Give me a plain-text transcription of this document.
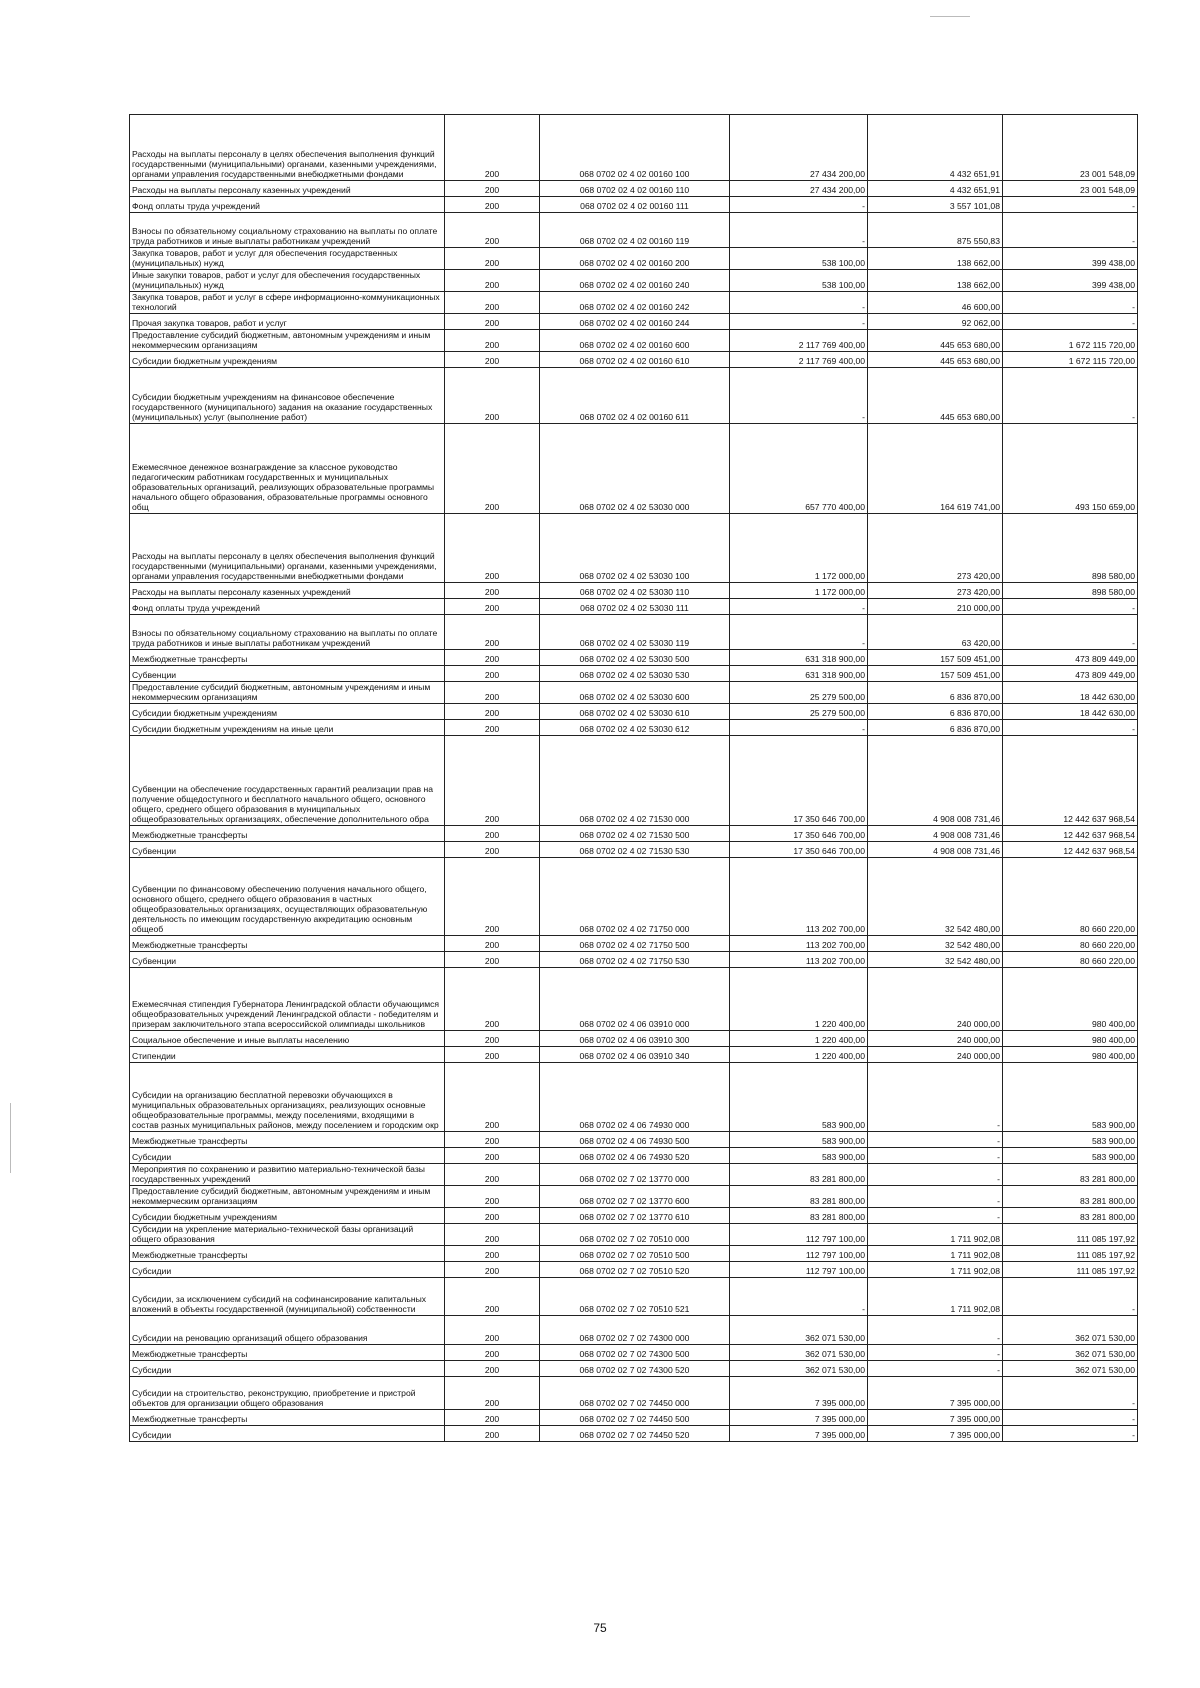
Расходы на выплаты персоналу в целях обеспечения выполнения функций государственными (муниципальными) органами, казенными учреждениями, органами управления государственными внебюджетными фондами	200	068 0702 02 4 02 00160 100	27 434 200,00	4 432 651,91	23 001 548,09
Расходы на выплаты персоналу казенных учреждений	200	068 0702 02 4 02 00160 110	27 434 200,00	4 432 651,91	23 001 548,09
Фонд оплаты труда учреждений	200	068 0702 02 4 02 00160 111	-	3 557 101,08	-
Взносы по обязательному социальному страхованию на выплаты по оплате труда работников и иные выплаты работникам учреждений	200	068 0702 02 4 02 00160 119	-	875 550,83	-
Закупка товаров, работ и услуг для обеспечения государственных (муниципальных) нужд	200	068 0702 02 4 02 00160 200	538 100,00	138 662,00	399 438,00
Иные закупки товаров, работ и услуг для обеспечения государственных (муниципальных) нужд	200	068 0702 02 4 02 00160 240	538 100,00	138 662,00	399 438,00
Закупка товаров, работ и услуг в сфере информационно-коммуникационных технологий	200	068 0702 02 4 02 00160 242	-	46 600,00	-
Прочая закупка товаров, работ и услуг	200	068 0702 02 4 02 00160 244	-	92 062,00	-
Предоставление субсидий бюджетным, автономным учреждениям и иным некоммерческим организациям	200	068 0702 02 4 02 00160 600	2 117 769 400,00	445 653 680,00	1 672 115 720,00
Субсидии бюджетным учреждениям	200	068 0702 02 4 02 00160 610	2 117 769 400,00	445 653 680,00	1 672 115 720,00
Субсидии бюджетным учреждениям на финансовое обеспечение государственного (муниципального) задания на оказание государственных (муниципальных) услуг (выполнение работ)	200	068 0702 02 4 02 00160 611	-	445 653 680,00	-
Ежемесячное денежное вознаграждение за классное руководство педагогическим работникам государственных и муниципальных образовательных организаций, реализующих образовательные программы начального общего образования, образовательные программы основного общ	200	068 0702 02 4 02 53030 000	657 770 400,00	164 619 741,00	493 150 659,00
Расходы на выплаты персоналу в целях обеспечения выполнения функций государственными (муниципальными) органами, казенными учреждениями, органами управления государственными внебюджетными фондами	200	068 0702 02 4 02 53030 100	1 172 000,00	273 420,00	898 580,00
Расходы на выплаты персоналу казенных учреждений	200	068 0702 02 4 02 53030 110	1 172 000,00	273 420,00	898 580,00
Фонд оплаты труда учреждений	200	068 0702 02 4 02 53030 111	-	210 000,00	-
Взносы по обязательному социальному страхованию на выплаты по оплате труда работников и иные выплаты работникам учреждений	200	068 0702 02 4 02 53030 119	-	63 420,00	-
Межбюджетные трансферты	200	068 0702 02 4 02 53030 500	631 318 900,00	157 509 451,00	473 809 449,00
Субвенции	200	068 0702 02 4 02 53030 530	631 318 900,00	157 509 451,00	473 809 449,00
Предоставление субсидий бюджетным, автономным учреждениям и иным некоммерческим организациям	200	068 0702 02 4 02 53030 600	25 279 500,00	6 836 870,00	18 442 630,00
Субсидии бюджетным учреждениям	200	068 0702 02 4 02 53030 610	25 279 500,00	6 836 870,00	18 442 630,00
Субсидии бюджетным учреждениям на иные цели	200	068 0702 02 4 02 53030 612	-	6 836 870,00	-
Субвенции на обеспечение государственных гарантий реализации прав на получение общедоступного и бесплатного начального общего, основного общего, среднего общего образования в муниципальных общеобразовательных организациях, обеспечение дополнительного обра	200	068 0702 02 4 02 71530 000	17 350 646 700,00	4 908 008 731,46	12 442 637 968,54
Межбюджетные трансферты	200	068 0702 02 4 02 71530 500	17 350 646 700,00	4 908 008 731,46	12 442 637 968,54
Субвенции	200	068 0702 02 4 02 71530 530	17 350 646 700,00	4 908 008 731,46	12 442 637 968,54
Субвенции по финансовому обеспечению получения начального общего, основного общего, среднего общего образования в частных общеобразовательных организациях, осуществляющих образовательную деятельность по имеющим государственную аккредитацию основным общеоб	200	068 0702 02 4 02 71750 000	113 202 700,00	32 542 480,00	80 660 220,00
Межбюджетные трансферты	200	068 0702 02 4 02 71750 500	113 202 700,00	32 542 480,00	80 660 220,00
Субвенции	200	068 0702 02 4 02 71750 530	113 202 700,00	32 542 480,00	80 660 220,00
Ежемесячная стипендия Губернатора Ленинградской области обучающимся общеобразовательных учреждений Ленинградской области - победителям и призерам заключительного этапа всероссийской олимпиады школьников	200	068 0702 02 4 06 03910 000	1 220 400,00	240 000,00	980 400,00
Социальное обеспечение и иные выплаты населению	200	068 0702 02 4 06 03910 300	1 220 400,00	240 000,00	980 400,00
Стипендии	200	068 0702 02 4 06 03910 340	1 220 400,00	240 000,00	980 400,00
Субсидии на организацию бесплатной перевозки обучающихся в муниципальных образовательных организациях, реализующих основные общеобразовательные программы, между поселениями, входящими в состав разных муниципальных районов, между поселением и городским окр	200	068 0702 02 4 06 74930 000	583 900,00	-	583 900,00
Межбюджетные трансферты	200	068 0702 02 4 06 74930 500	583 900,00	-	583 900,00
Субсидии	200	068 0702 02 4 06 74930 520	583 900,00	-	583 900,00
Мероприятия по сохранению и развитию материально-технической базы государственных учреждений	200	068 0702 02 7 02 13770 000	83 281 800,00	-	83 281 800,00
Предоставление субсидий бюджетным, автономным учреждениям и иным некоммерческим организациям	200	068 0702 02 7 02 13770 600	83 281 800,00	-	83 281 800,00
Субсидии бюджетным учреждениям	200	068 0702 02 7 02 13770 610	83 281 800,00	-	83 281 800,00
Субсидии на укрепление материально-технической базы организаций общего образования	200	068 0702 02 7 02 70510 000	112 797 100,00	1 711 902,08	111 085 197,92
Межбюджетные трансферты	200	068 0702 02 7 02 70510 500	112 797 100,00	1 711 902,08	111 085 197,92
Субсидии	200	068 0702 02 7 02 70510 520	112 797 100,00	1 711 902,08	111 085 197,92
Субсидии, за исключением субсидий на софинансирование капитальных вложений в объекты государственной (муниципальной) собственности	200	068 0702 02 7 02 70510 521	-	1 711 902,08	-
Субсидии на реновацию организаций общего образования	200	068 0702 02 7 02 74300 000	362 071 530,00	-	362 071 530,00
Межбюджетные трансферты	200	068 0702 02 7 02 74300 500	362 071 530,00	-	362 071 530,00
Субсидии	200	068 0702 02 7 02 74300 520	362 071 530,00	-	362 071 530,00
Субсидии на строительство, реконструкцию, приобретение и пристрой объектов для организации общего образования	200	068 0702 02 7 02 74450 000	7 395 000,00	7 395 000,00	-
Межбюджетные трансферты	200	068 0702 02 7 02 74450 500	7 395 000,00	7 395 000,00	-
Субсидии	200	068 0702 02 7 02 74450 520	7 395 000,00	7 395 000,00	-
75
